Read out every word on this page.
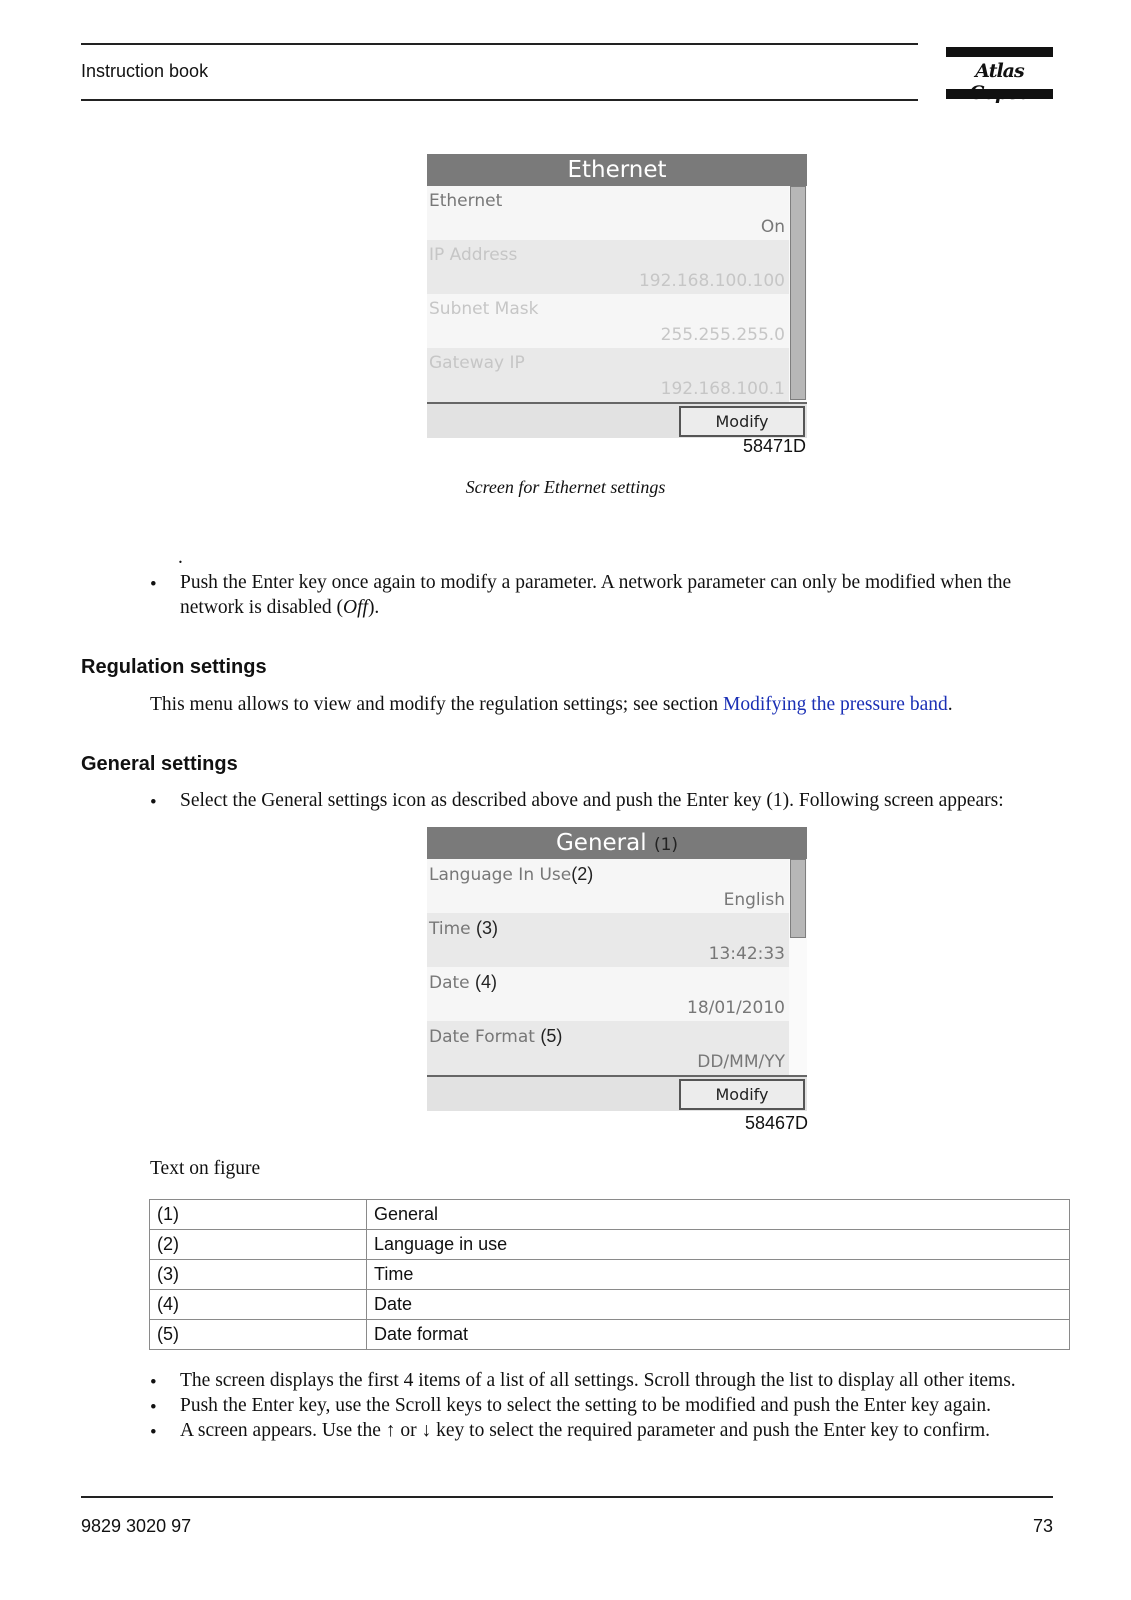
Instruction book	Atlas
Ethernet
Ethernet
On
IP Address
192.168.100.100
Subnet Mask
255.255.255.0
Gateway IP
192.168.100.1
Modify
58471D
Screen for Ethernet settings
.
• Push the Enter key once again to modify a parameter. A network parameter can only be modified when the network is disabled (Off).
Regulation settings
This menu allows to view and modify the regulation settings; see section Modifying the pressure band.
General settings
• Select the General settings icon as described above and push the Enter key (1). Following screen appears:
General (1)
Language In Use(2)
English
Time (3)
13:42:33
Date (4)
18/01/2010
Date Format (5)
DD/MM/YY
Modify
58467D
Text on figure
(1)	General
(2)	Language in use
(3)	Time
(4)	Date
(5)	Date format
• The screen displays the first 4 items of a list of all settings. Scroll through the list to display all other items.
• Push the Enter key, use the Scroll keys to select the setting to be modified and push the Enter key again.
• A screen appears. Use the ↑ or ↓ key to select the required parameter and push the Enter key to confirm.
9829 3020 97	73
